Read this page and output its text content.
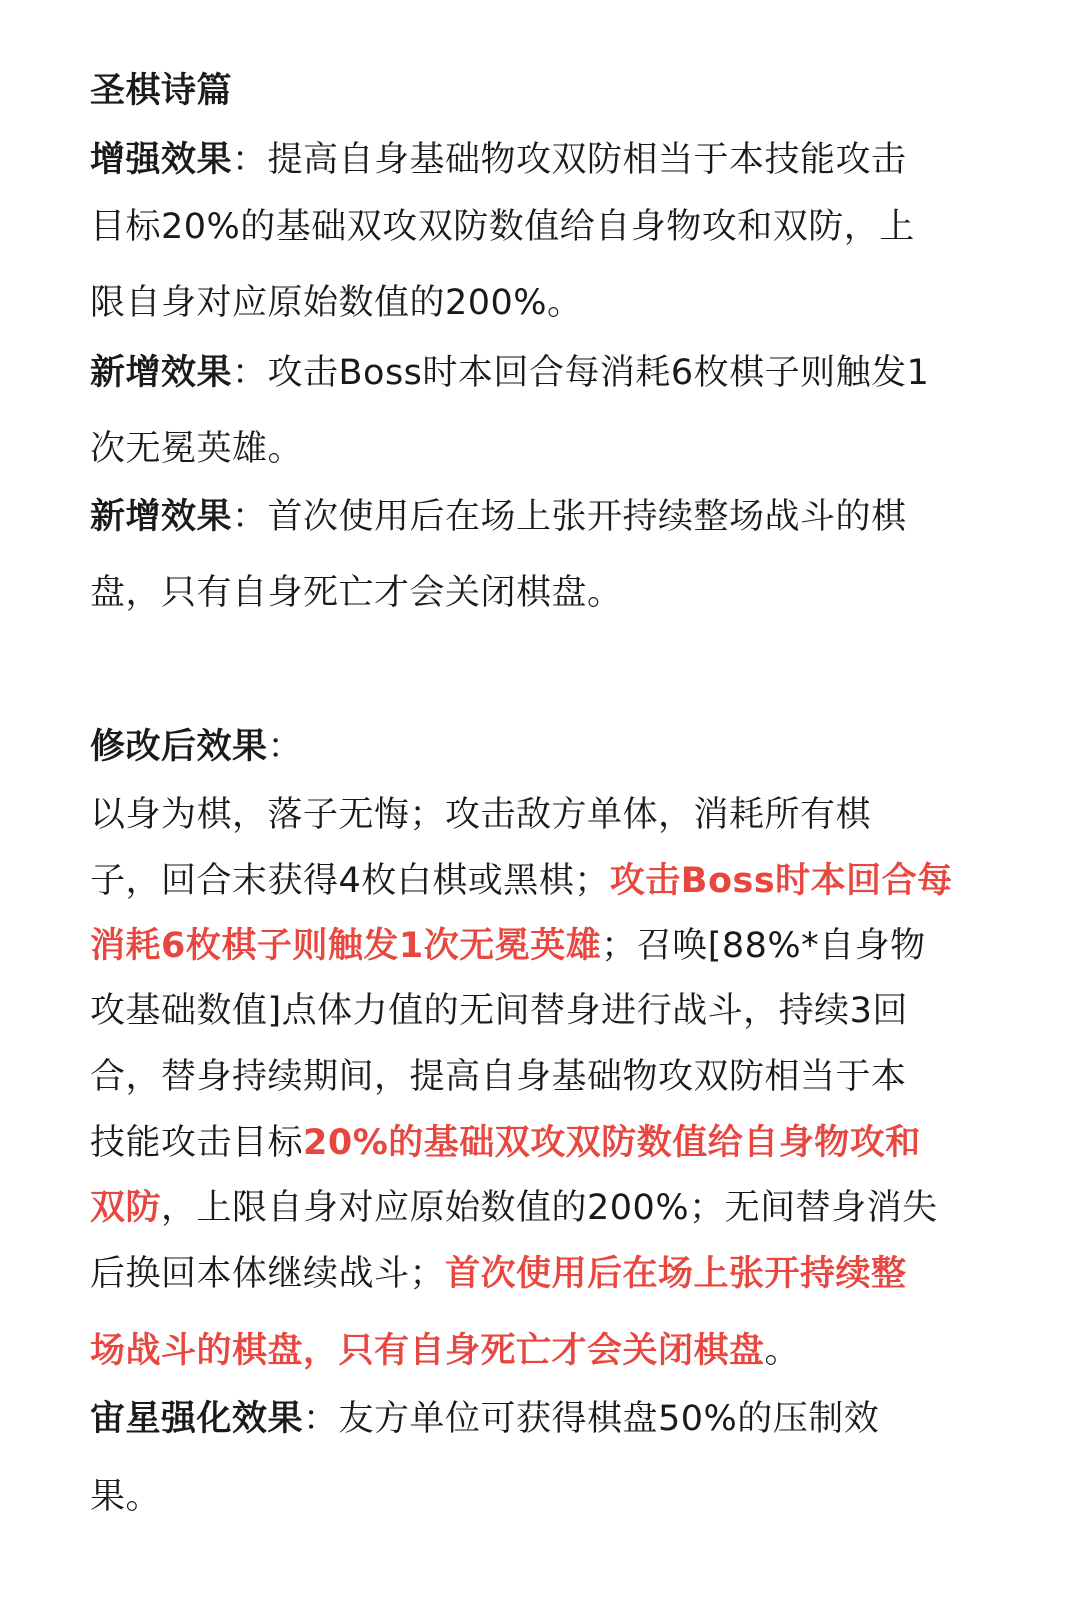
圣棋诗篇
增强效果：提高自身基础物攻双防相当于本技能攻击
目标20%的基础双攻双防数值给自身物攻和双防，上
限自身对应原始数值的200%。
新增效果：攻击Boss时本回合每消耗6枚棋子则触发1
次无冕英雄。
新增效果：首次使用后在场上张开持续整场战斗的棋
盘，只有自身死亡才会关闭棋盘。
修改后效果：
以身为棋，落子无悔；攻击敌方单体，消耗所有棋
子，回合末获得4枚白棋或黑棋；攻击Boss时本回合每
消耗6枚棋子则触发1次无冕英雄；召唤[88%*自身物
攻基础数值]点体力值的无间替身进行战斗，持续3回
合，替身持续期间，提高自身基础物攻双防相当于本
技能攻击目标20%的基础双攻双防数值给自身物攻和
双防，上限自身对应原始数值的200%；无间替身消失
后换回本体继续战斗；首次使用后在场上张开持续整
场战斗的棋盘，只有自身死亡才会关闭棋盘。
宙星强化效果：友方单位可获得棋盘50%的压制效
果。
